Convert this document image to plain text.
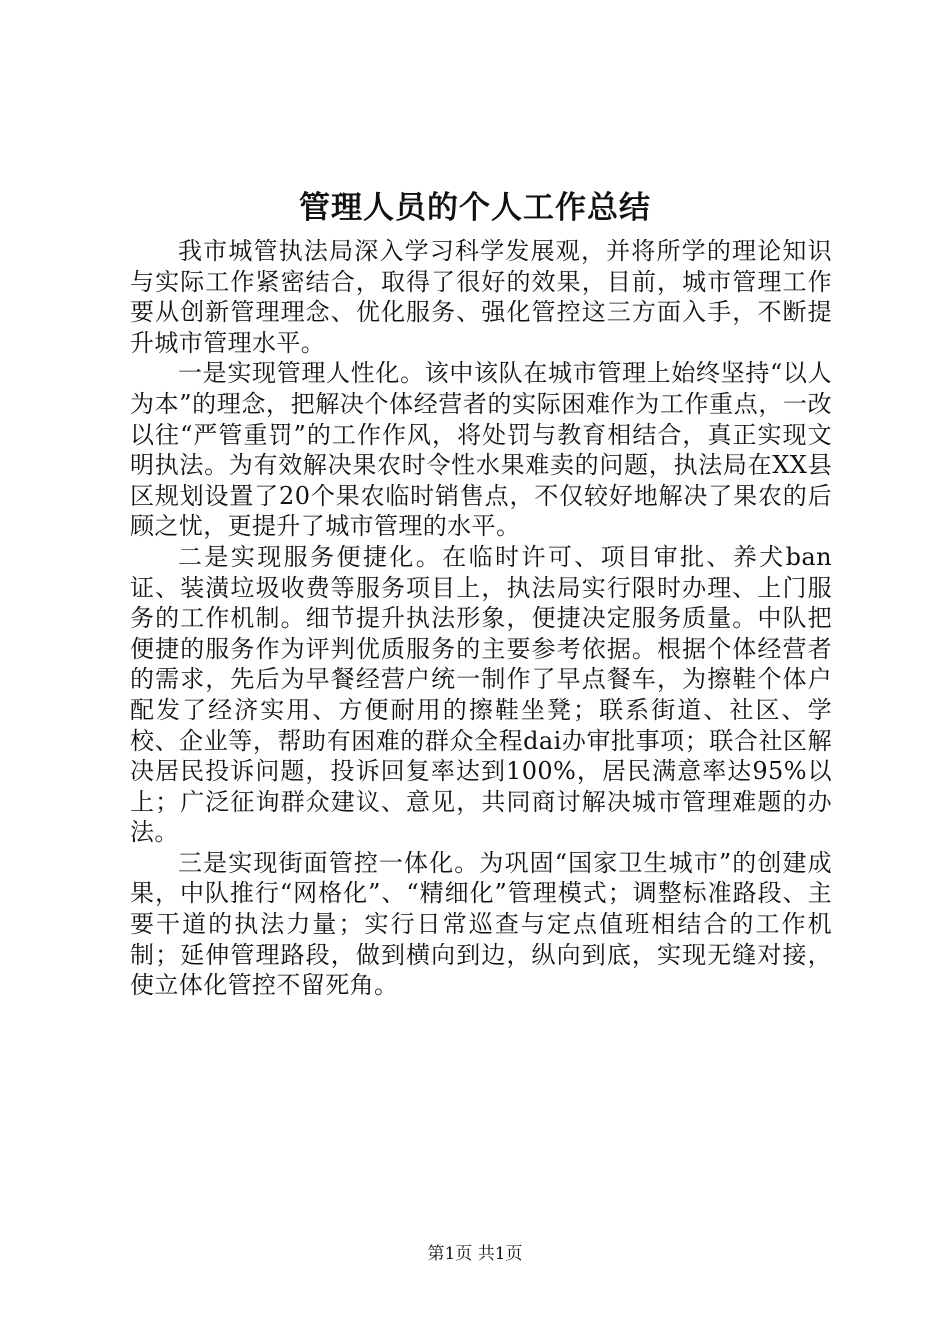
管理人员的个人工作总结

我市城管执法局深入学习科学发展观，并将所学的理论知识与实际工作紧密结合，取得了很好的效果，目前，城市管理工作要从创新管理理念、优化服务、强化管控这三方面入手，不断提升城市管理水平。

一是实现管理人性化。该中该队在城市管理上始终坚持“以人为本”的理念，把解决个体经营者的实际困难作为工作重点，一改以往“严管重罚”的工作作风，将处罚与教育相结合，真正实现文明执法。为有效解决果农时令性水果难卖的问题，执法局在XX县区规划设置了20个果农临时销售点，不仅较好地解决了果农的后顾之忧，更提升了城市管理的水平。

二是实现服务便捷化。在临时许可、项目审批、养犬ban证、装潢垃圾收费等服务项目上，执法局实行限时办理、上门服务的工作机制。细节提升执法形象，便捷决定服务质量。中队把便捷的服务作为评判优质服务的主要参考依据。根据个体经营者的需求，先后为早餐经营户统一制作了早点餐车，为擦鞋个体户配发了经济实用、方便耐用的擦鞋坐凳；联系街道、社区、学校、企业等，帮助有困难的群众全程dai办审批事项；联合社区解决居民投诉问题，投诉回复率达到100%，居民满意率达95%以上；广泛征询群众建议、意见，共同商讨解决城市管理难题的办法。

三是实现街面管控一体化。为巩固“国家卫生城市”的创建成果，中队推行“网格化”、“精细化”管理模式；调整标准路段、主要干道的执法力量；实行日常巡查与定点值班相结合的工作机制；延伸管理路段，做到横向到边，纵向到底，实现无缝对接，使立体化管控不留死角。

第1页 共1页
